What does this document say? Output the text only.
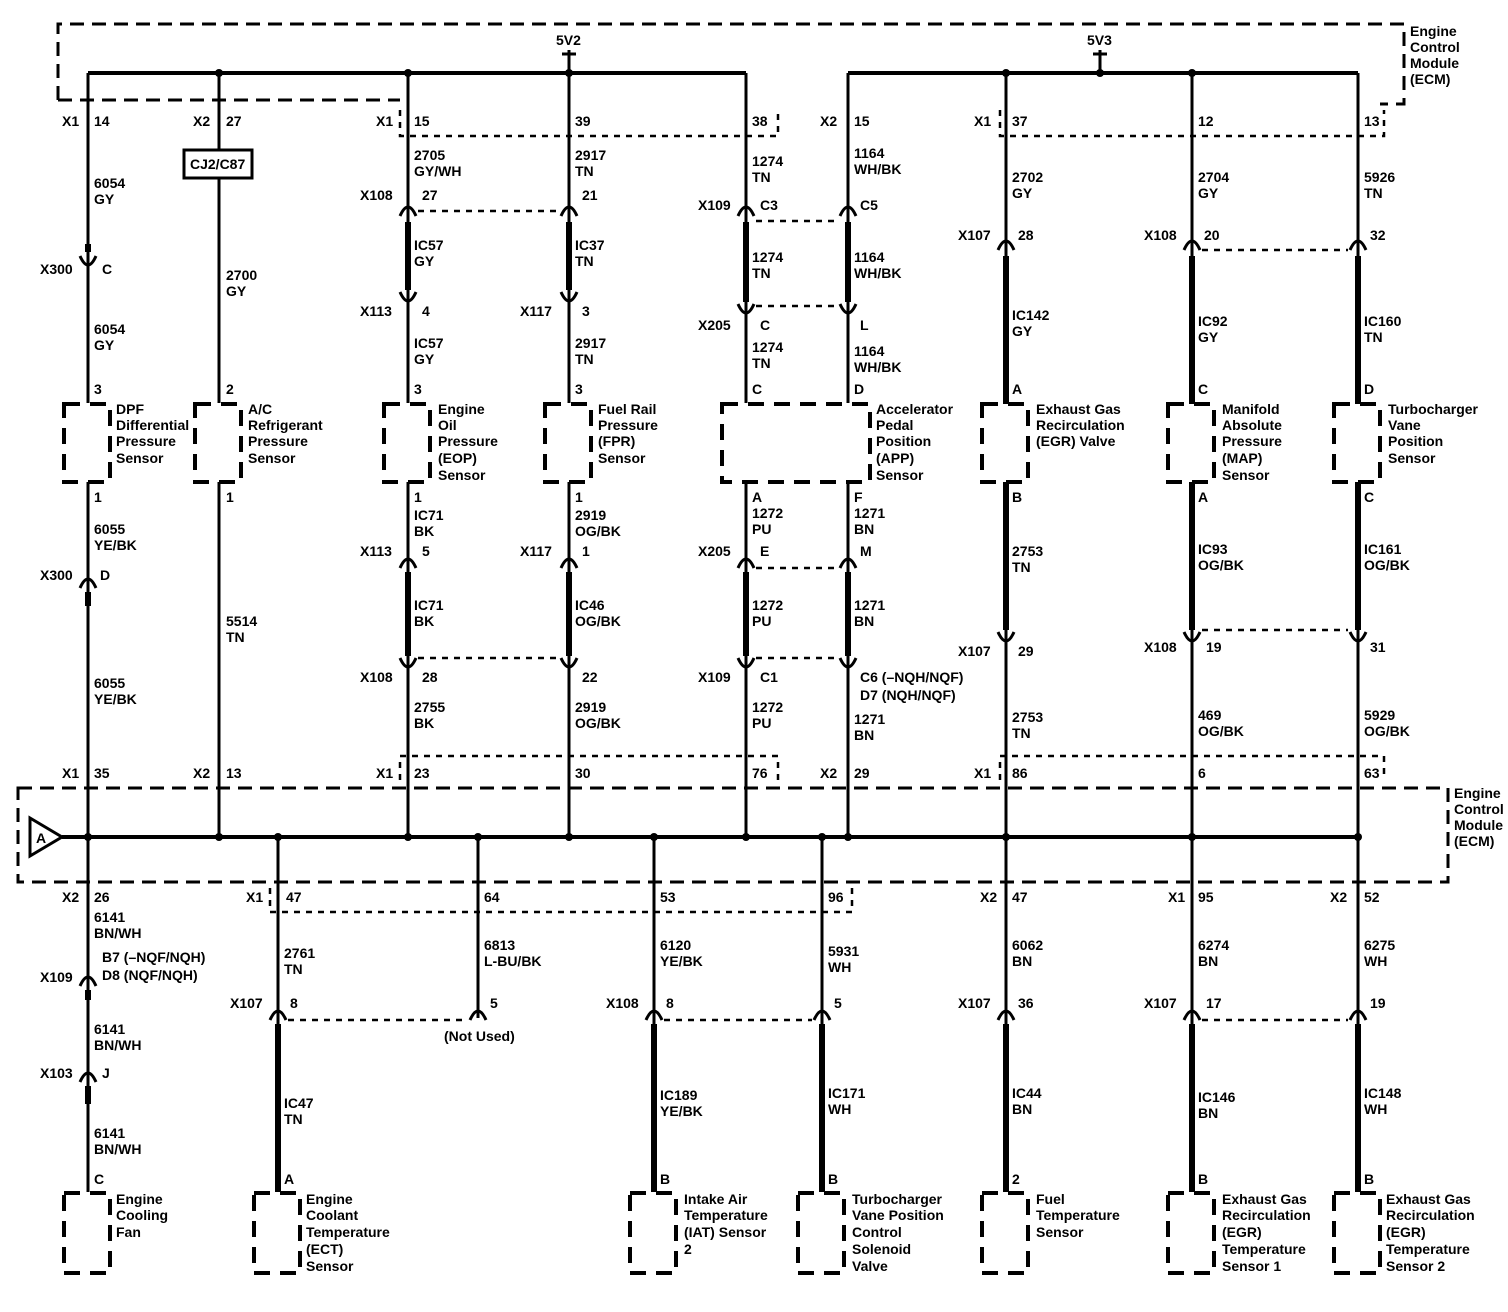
Engine
Control
Module
(ECM)
Engine
Control
Module
(ECM)
5V2	5V3
A
CJ2/C87
(Not Used)
X1 14	X2 27	X1 15	39	38	X2 15	X1 37	12	13
X1 35	X2 13	X1 23	30	76	X2 29	X1 86	6	63
X2 26	X1 47	64	53	96	X2 47	X1 95	X2 52
X108 27	21
X109 C3	C5
X107 28	X108 20	32
X300 C
X113 4	X117 3
X205 C	L
X300 D
X113 5	X117 1	X205 E	M
X108 28	22	X109 C1	C6 (–NQH/NQF)
D7 (NQH/NQF)
X107 29	X108 19	31
X109
B7 (–NQF/NQH)
D8 (NQF/NQH)
X103 J
X107 8	5	X108 8	5	X107 36	X107 17	19
6054
GY
6054
GY
2700
GY
2705
GY/WH
IC57
GY
IC57
GY
2917
TN
IC37
TN
2917
TN
1274
TN
1274
TN
1274
TN
1164
WH/BK
1164
WH/BK
1164
WH/BK
2702
GY
IC142
GY
2704
GY
IC92
GY
5926
TN
IC160
TN
6055
YE/BK
6055
YE/BK
5514
TN
IC71
BK
IC71
BK
2755
BK
2919
OG/BK
IC46
OG/BK
2919
OG/BK
1272
PU
1272
PU
1272
PU
1271
BN
1271
BN
1271
BN
2753
TN
2753
TN
IC93
OG/BK
469
OG/BK
IC161
OG/BK
5929
OG/BK
6141
BN/WH
6141
BN/WH
6141
BN/WH
2761
TN
IC47
TN
6813
L-BU/BK
6120
YE/BK
IC189
YE/BK
5931
WH
IC171
WH
6062
BN
IC44
BN
6274
BN
IC146
BN
6275
WH
IC148
WH
3
1
2
1
3
1
3
1
C	D
A	F
A
B
C
A
D
C
DPF
Differential
Pressure
Sensor
A/C
Refrigerant
Pressure
Sensor
Engine
Oil
Pressure
(EOP)
Sensor
Fuel Rail
Pressure
(FPR)
Sensor
Accelerator
Pedal
Position
(APP)
Sensor
Exhaust Gas
Recirculation
(EGR) Valve
Manifold
Absolute
Pressure
(MAP)
Sensor
Turbocharger
Vane
Position
Sensor
C
Engine
Cooling
Fan
A
Engine
Coolant
Temperature
(ECT)
Sensor
B
Intake Air
Temperature
(IAT) Sensor
2
B
Turbocharger
Vane Position
Control
Solenoid
Valve
2
Fuel
Temperature
Sensor
B
Exhaust Gas
Recirculation
(EGR)
Temperature
Sensor 1
B
Exhaust Gas
Recirculation
(EGR)
Temperature
Sensor 2
